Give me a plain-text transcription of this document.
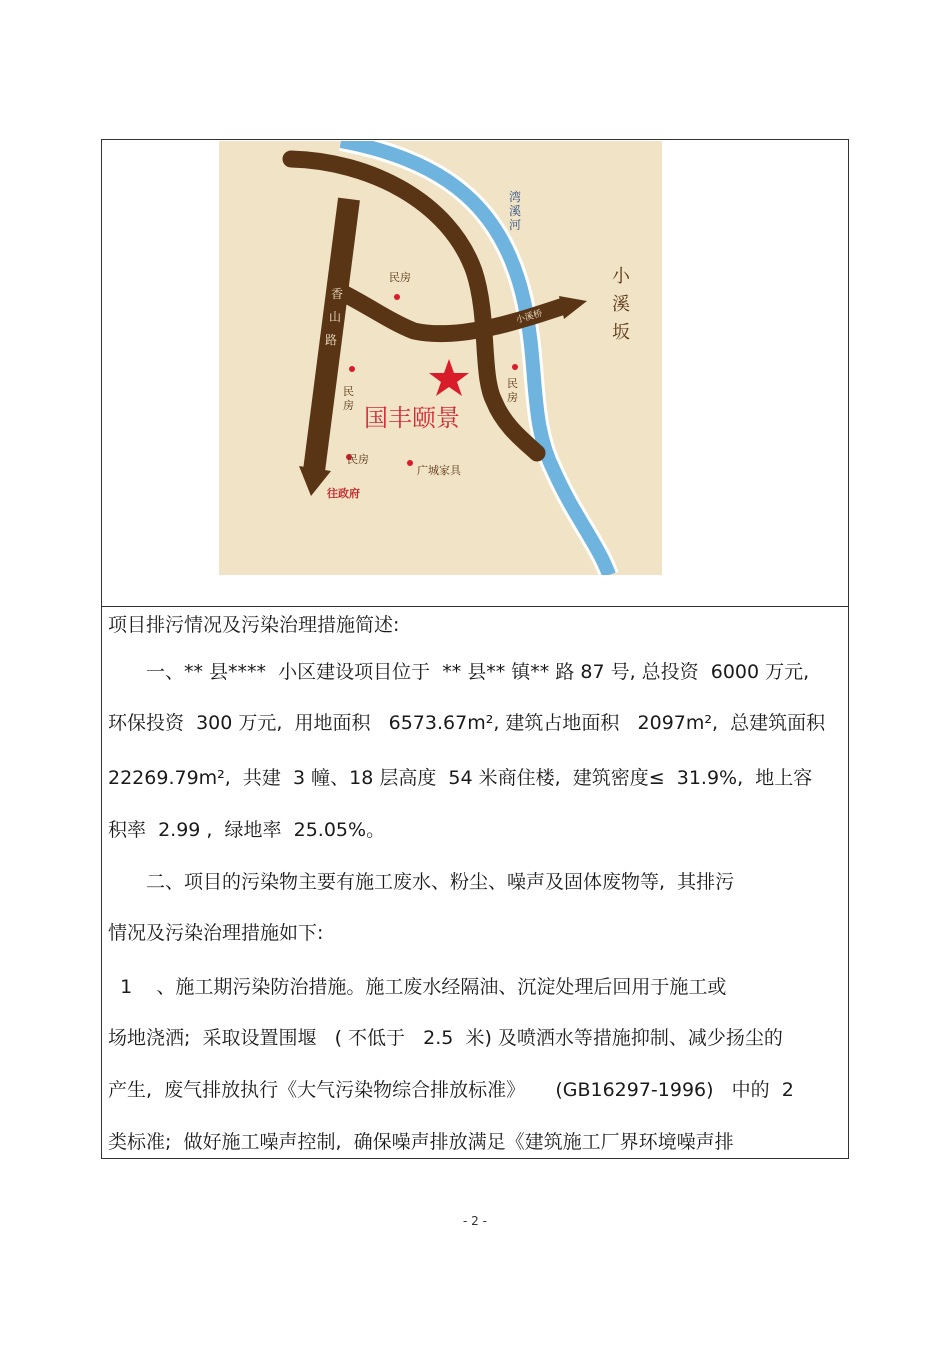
国丰颐景
民房
民房
广城家具
往政府
民
房
民
房
香
山
路
湾
溪
河
小溪桥
小
溪
坂
项目排污情况及污染治理措施简述:
　　一、** 县****  小区建设项目位于  ** 县** 镇** 路 87 号, 总投资  6000 万元,
环保投资  300 万元,  用地面积   6573.67m², 建筑占地面积   2097m²,  总建筑面积
22269.79m²,  共建  3 幢、18 层高度  54 米商住楼,  建筑密度≤  31.9%,  地上容
积率  2.99 ,  绿地率  25.05%。
　　二、项目的污染物主要有施工废水、粉尘、噪声及固体废物等,  其排污
情况及污染治理措施如下:
1    、施工期污染防治措施。施工废水经隔油、沉淀处理后回用于施工或
场地浇洒;  采取设置围堰   ( 不低于   2.5  米) 及喷洒水等措施抑制、减少扬尘的
产生,  废气排放执行《大气污染物综合排放标准》     (GB16297-1996)   中的  2
类标准;  做好施工噪声控制,  确保噪声排放满足《建筑施工厂界环境噪声排
- 2 -
